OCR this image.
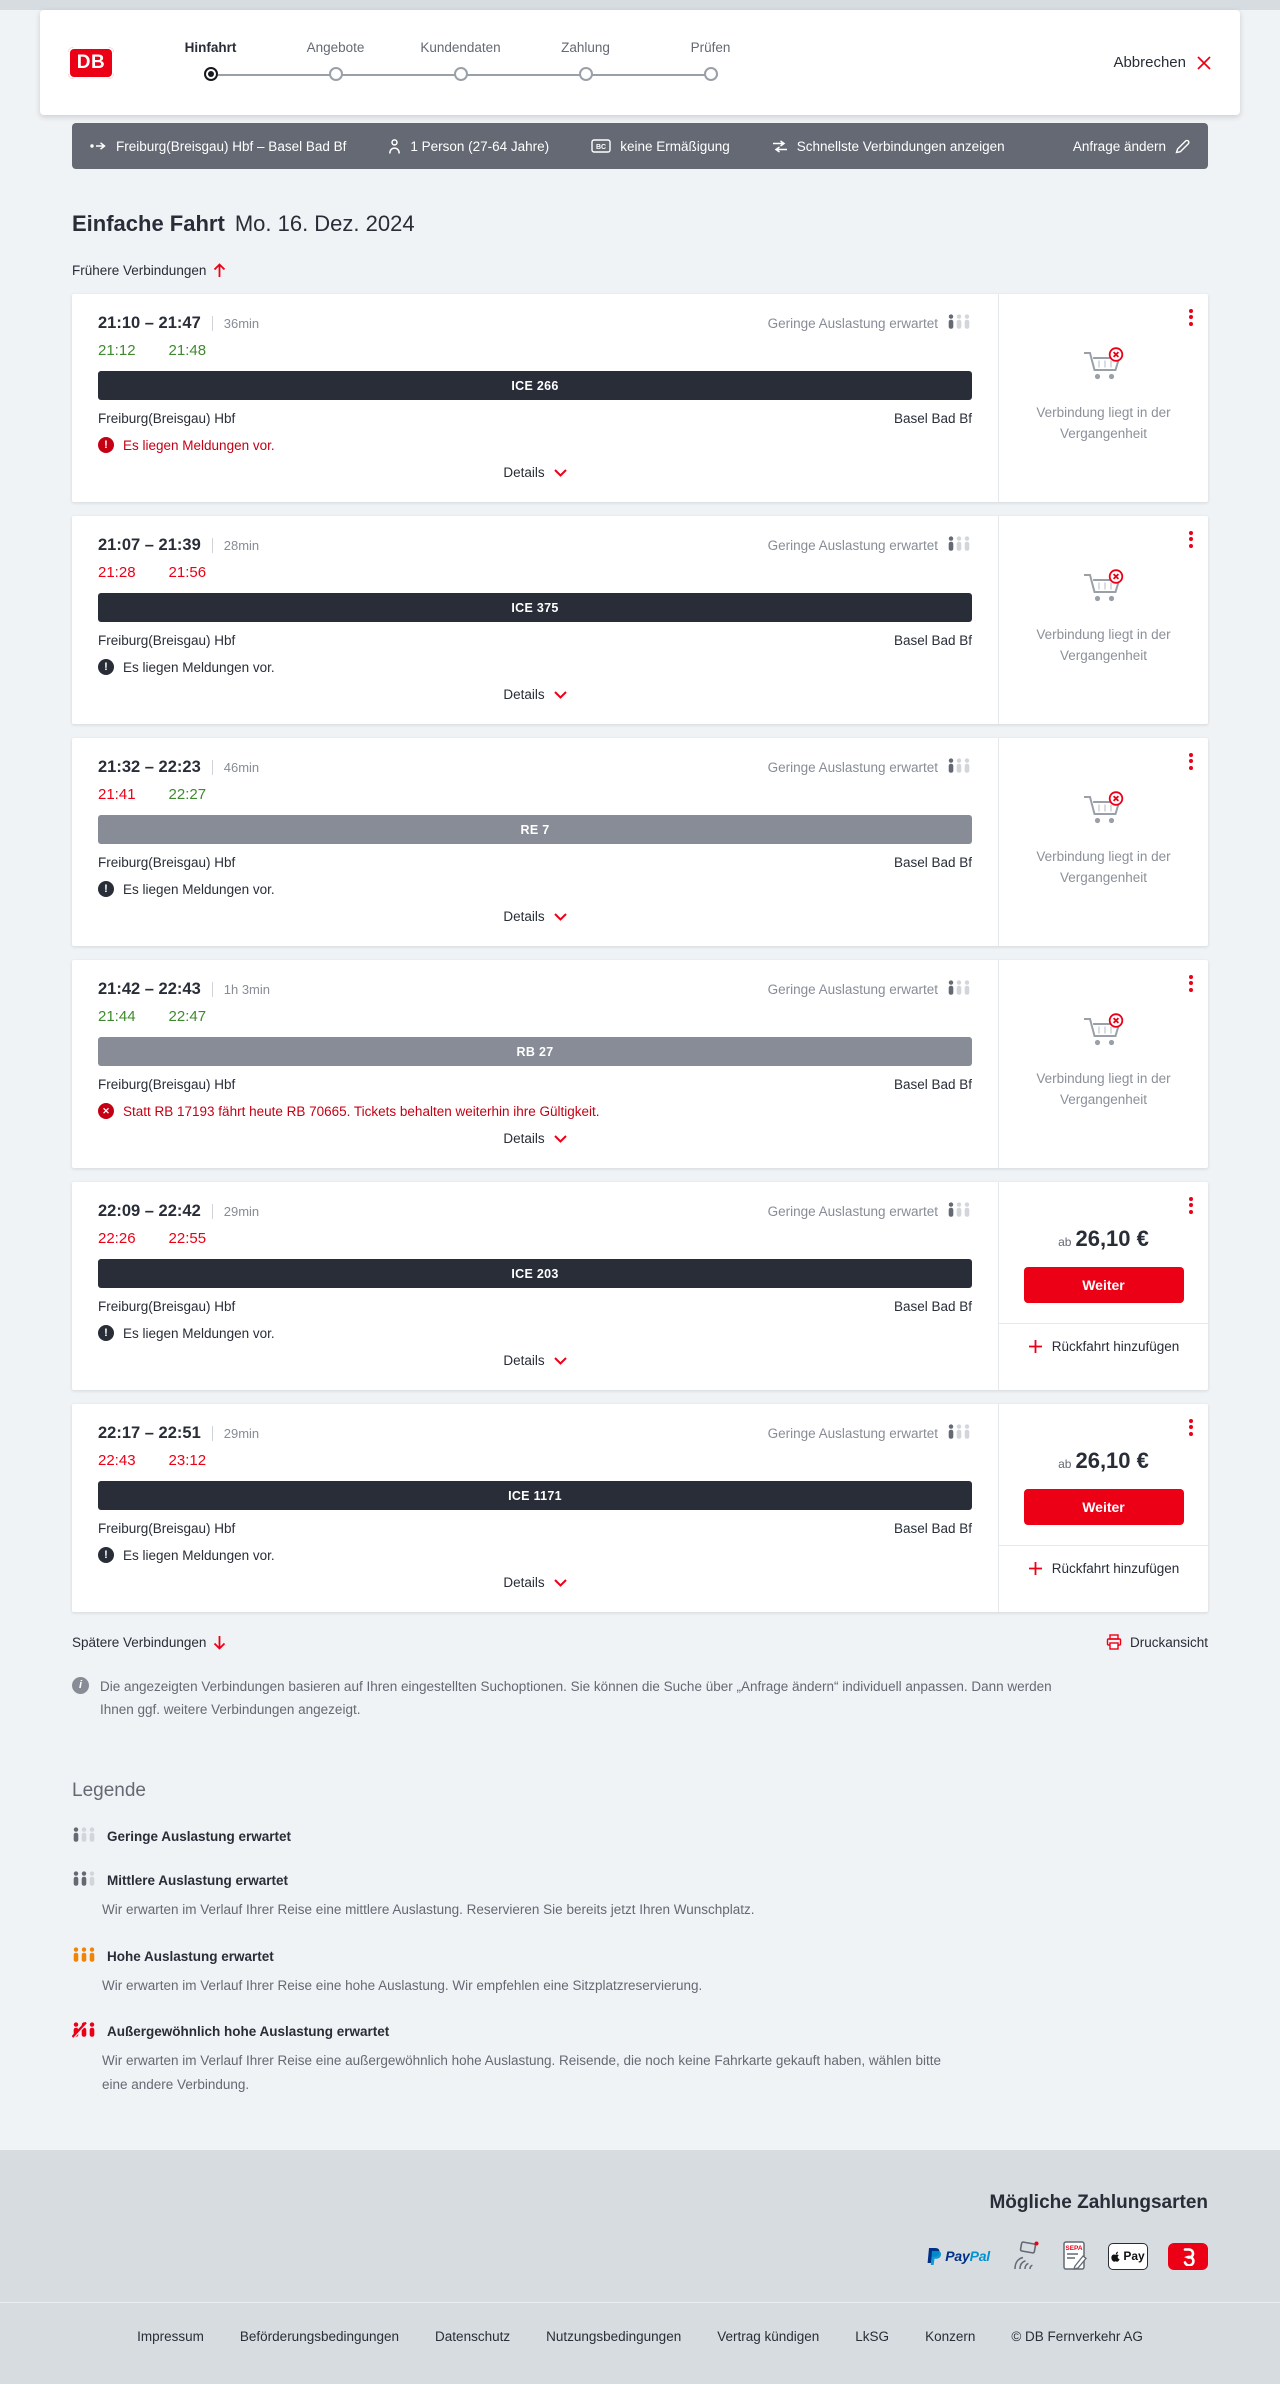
DB
Hinfahrt	Angebote	Kundendaten	Zahlung	Prüfen
Abbrechen
Freiburg(Breisgau) Hbf – Basel Bad Bf	1 Person (27-64 Jahre)	BC keine Ermäßigung	Schnellste Verbindungen anzeigen	Anfrage ändern
Einfache Fahrt Mo. 16. Dez. 2024
Frühere Verbindungen
21:10 – 21:47 36min	Geringe Auslastung erwartet
21:12 21:48
ICE 266
Freiburg(Breisgau) Hbf	Basel Bad Bf
!
Es liegen Meldungen vor.
Details
Verbindung liegt in der Vergangenheit
21:07 – 21:39 28min	Geringe Auslastung erwartet
21:28 21:56
ICE 375
Freiburg(Breisgau) Hbf	Basel Bad Bf
!
Es liegen Meldungen vor.
Details
Verbindung liegt in der Vergangenheit
21:32 – 22:23 46min	Geringe Auslastung erwartet
21:41 22:27
RE 7
Freiburg(Breisgau) Hbf	Basel Bad Bf
!
Es liegen Meldungen vor.
Details
Verbindung liegt in der Vergangenheit
21:42 – 22:43 1h 3min	Geringe Auslastung erwartet
21:44 22:47
RB 27
Freiburg(Breisgau) Hbf	Basel Bad Bf
✕
Statt RB 17193 fährt heute RB 70665. Tickets behalten weiterhin ihre Gültigkeit.
Details
Verbindung liegt in der Vergangenheit
22:09 – 22:42 29min	Geringe Auslastung erwartet
22:26 22:55
ICE 203
Freiburg(Breisgau) Hbf	Basel Bad Bf
!
Es liegen Meldungen vor.
Details
ab 26,10 €
Weiter
Rückfahrt hinzufügen
22:17 – 22:51 29min	Geringe Auslastung erwartet
22:43 23:12
ICE 1171
Freiburg(Breisgau) Hbf	Basel Bad Bf
!
Es liegen Meldungen vor.
Details
ab 26,10 €
Weiter
Rückfahrt hinzufügen
Spätere Verbindungen	Druckansicht
i
Die angezeigten Verbindungen basieren auf Ihren eingestellten Suchoptionen. Sie können die Suche über „Anfrage ändern“ individuell anpassen. Dann werden Ihnen ggf. weitere Verbindungen angezeigt.
Legende
Geringe Auslastung erwartet
Mittlere Auslastung erwartet

Wir erwarten im Verlauf Ihrer Reise eine mittlere Auslastung. Reservieren Sie bereits jetzt Ihren Wunschplatz.

Hohe Auslastung erwartet

Wir erwarten im Verlauf Ihrer Reise eine hohe Auslastung. Wir empfehlen eine Sitzplatzreservierung.

Außergewöhnlich hohe Auslastung erwartet

Wir erwarten im Verlauf Ihrer Reise eine außergewöhnlich hohe Auslastung. Reisende, die noch keine Fahrkarte gekauft haben, wählen bitte eine andere Verbindung.

Mögliche Zahlungsarten
PayPal	SEPA
Pay
Impressum	Beförderungsbedingungen	Datenschutz	Nutzungsbedingungen	Vertrag kündigen	LkSG	Konzern	© DB Fernverkehr AG
